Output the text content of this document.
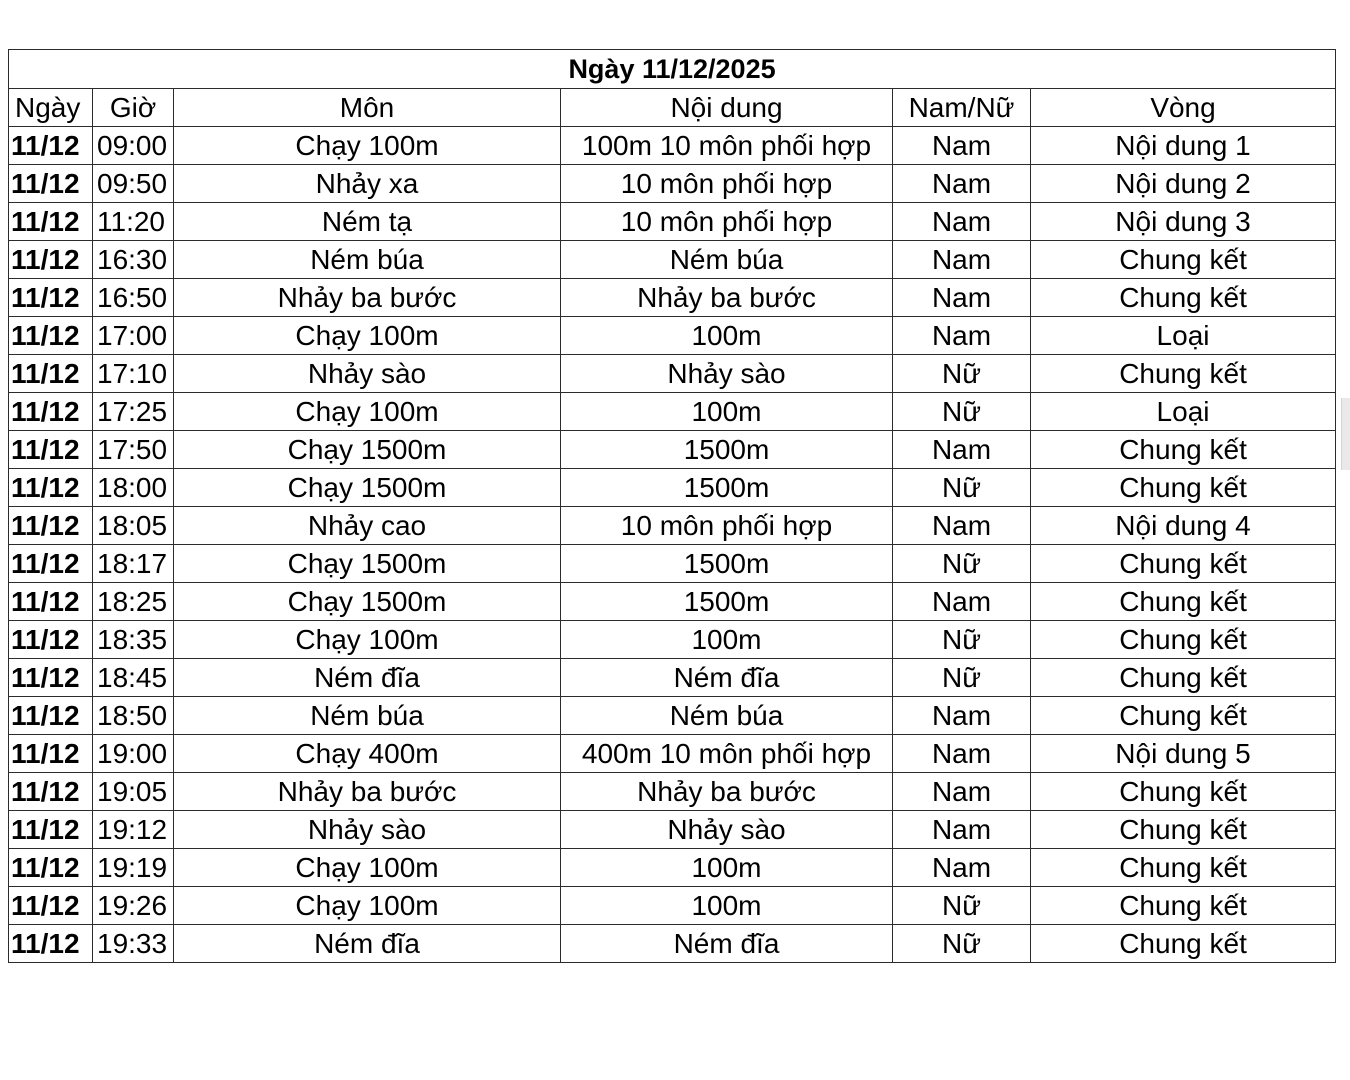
Ngày 11/12/2025					
Ngày	Giờ	Môn	Nội dung	Nam/Nữ	Vòng
11/12	09:00	Chạy 100m	100m 10 môn phối hợp	Nam	Nội dung 1
11/12	09:50	Nhảy xa	10 môn phối hợp	Nam	Nội dung 2
11/12	11:20	Ném tạ	10 môn phối hợp	Nam	Nội dung 3
11/12	16:30	Ném búa	Ném búa	Nam	Chung kết
11/12	16:50	Nhảy ba bước	Nhảy ba bước	Nam	Chung kết
11/12	17:00	Chạy 100m	100m	Nam	Loại
11/12	17:10	Nhảy sào	Nhảy sào	Nữ	Chung kết
11/12	17:25	Chạy 100m	100m	Nữ	Loại
11/12	17:50	Chạy 1500m	1500m	Nam	Chung kết
11/12	18:00	Chạy 1500m	1500m	Nữ	Chung kết
11/12	18:05	Nhảy cao	10 môn phối hợp	Nam	Nội dung 4
11/12	18:17	Chạy 1500m	1500m	Nữ	Chung kết
11/12	18:25	Chạy 1500m	1500m	Nam	Chung kết
11/12	18:35	Chạy 100m	100m	Nữ	Chung kết
11/12	18:45	Ném đĩa	Ném đĩa	Nữ	Chung kết
11/12	18:50	Ném búa	Ném búa	Nam	Chung kết
11/12	19:00	Chạy 400m	400m 10 môn phối hợp	Nam	Nội dung 5
11/12	19:05	Nhảy ba bước	Nhảy ba bước	Nam	Chung kết
11/12	19:12	Nhảy sào	Nhảy sào	Nam	Chung kết
11/12	19:19	Chạy 100m	100m	Nam	Chung kết
11/12	19:26	Chạy 100m	100m	Nữ	Chung kết
11/12	19:33	Ném đĩa	Ném đĩa	Nữ	Chung kết
